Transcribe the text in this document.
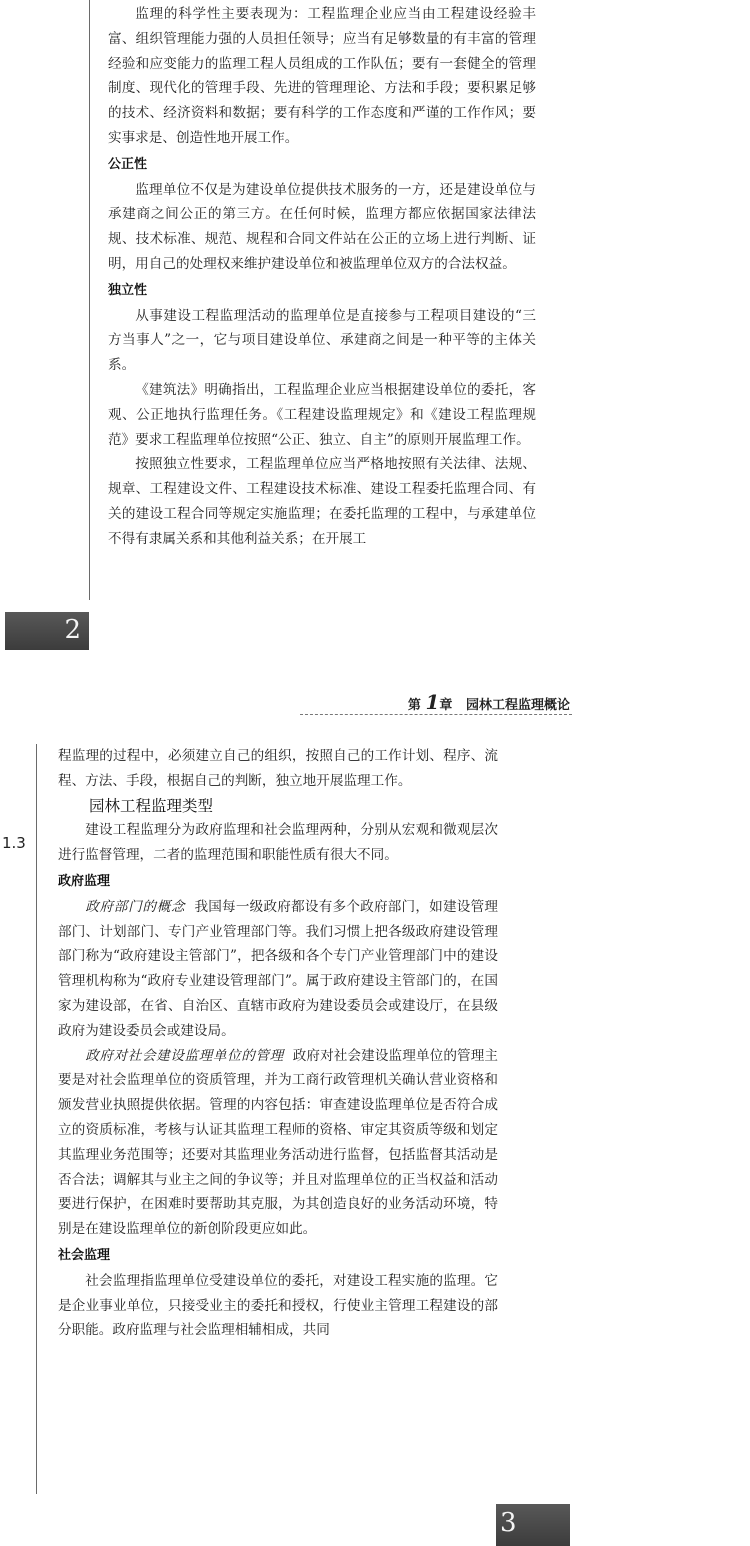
监理的科学性主要表现为：工程监理企业应当由工程建设经验丰富、组织管理能力强的人员担任领导；应当有足够数量的有丰富的管理经验和应变能力的监理工程人员组成的工作队伍；要有一套健全的管理制度、现代化的管理手段、先进的管理理论、方法和手段；要积累足够的技术、经济资料和数据；要有科学的工作态度和严谨的工作作风；要实事求是、创造性地开展工作。

公正性

监理单位不仅是为建设单位提供技术服务的一方，还是建设单位与承建商之间公正的第三方。在任何时候，监理方都应依据国家法律法规、技术标准、规范、规程和合同文件站在公正的立场上进行判断、证明，用自己的处理权来维护建设单位和被监理单位双方的合法权益。

独立性

从事建设工程监理活动的监理单位是直接参与工程项目建设的“三方当事人”之一，它与项目建设单位、承建商之间是一种平等的主体关系。

《建筑法》明确指出，工程监理企业应当根据建设单位的委托，客观、公正地执行监理任务。《工程建设监理规定》和《建设工程监理规范》要求工程监理单位按照“公正、独立、自主”的原则开展监理工作。

按照独立性要求，工程监理单位应当严格地按照有关法律、法规、规章、工程建设文件、工程建设技术标准、建设工程委托监理合同、有关的建设工程合同等规定实施监理；在委托监理的工程中，与承建单位不得有隶属关系和其他利益关系；在开展工

2
第 1章 园林工程监理概论
1.3

程监理的过程中，必须建立自己的组织，按照自己的工作计划、程序、流程、方法、手段，根据自己的判断，独立地开展监理工作。

园林工程监理类型

建设工程监理分为政府监理和社会监理两种，分别从宏观和微观层次进行监督管理，二者的监理范围和职能性质有很大不同。

政府监理

政府部门的概念 我国每一级政府都设有多个政府部门，如建设管理部门、计划部门、专门产业管理部门等。我们习惯上把各级政府建设管理部门称为“政府建设主管部门”，把各级和各个专门产业管理部门中的建设管理机构称为“政府专业建设管理部门”。属于政府建设主管部门的，在国家为建设部，在省、自治区、直辖市政府为建设委员会或建设厅，在县级政府为建设委员会或建设局。

政府对社会建设监理单位的管理 政府对社会建设监理单位的管理主要是对社会监理单位的资质管理，并为工商行政管理机关确认营业资格和颁发营业执照提供依据。管理的内容包括：审查建设监理单位是否符合成立的资质标准，考核与认证其监理工程师的资格、审定其资质等级和划定其监理业务范围等；还要对其监理业务活动进行监督，包括监督其活动是否合法；调解其与业主之间的争议等；并且对监理单位的正当权益和活动要进行保护，在困难时要帮助其克服，为其创造良好的业务活动环境，特别是在建设监理单位的新创阶段更应如此。

社会监理

社会监理指监理单位受建设单位的委托，对建设工程实施的监理。它是企业事业单位，只接受业主的委托和授权，行使业主管理工程建设的部分职能。政府监理与社会监理相辅相成，共同

3
